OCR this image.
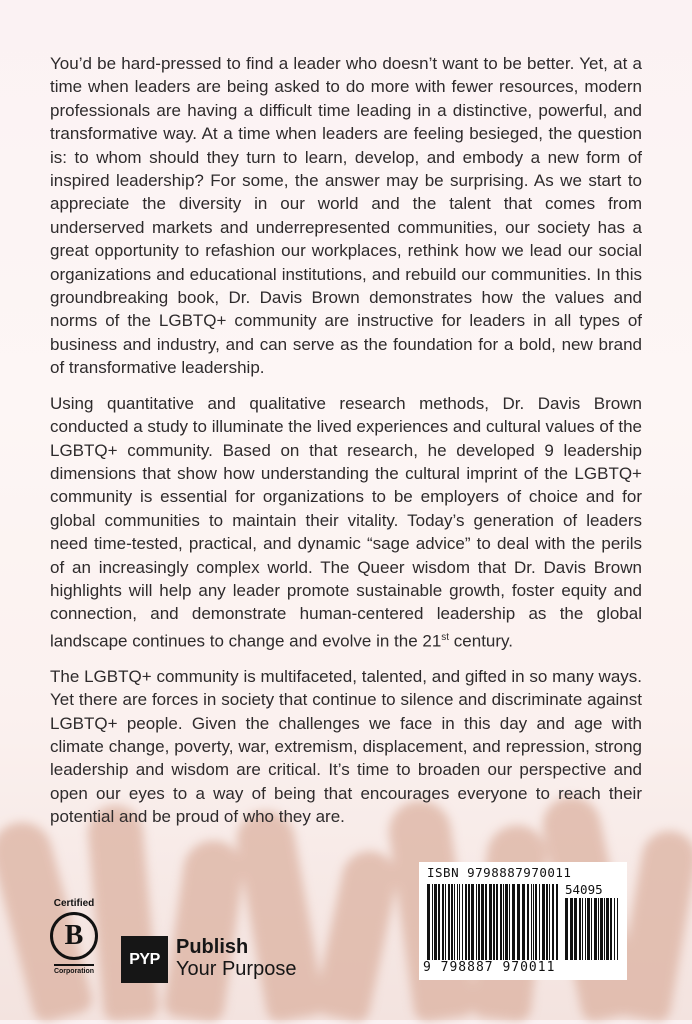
You’d be hard-pressed to find a leader who doesn’t want to be better. Yet, at a time when leaders are being asked to do more with fewer resources, modern professionals are having a difficult time leading in a distinctive, powerful, and transformative way. At a time when leaders are feeling besieged, the question is: to whom should they turn to learn, develop, and embody a new form of inspired leadership? For some, the answer may be surprising. As we start to appreciate the diversity in our world and the talent that comes from underserved markets and underrepresented communities, our society has a great opportunity to refashion our workplaces, rethink how we lead our social organizations and educational institutions, and rebuild our communities. In this groundbreaking book, Dr. Davis Brown demonstrates how the values and norms of the LGBTQ+ community are instructive for leaders in all types of business and industry, and can serve as the foundation for a bold, new brand of transformative leadership.

Using quantitative and qualitative research methods, Dr. Davis Brown conducted a study to illuminate the lived experiences and cultural values of the LGBTQ+ community. Based on that research, he developed 9 leadership dimensions that show how understanding the cultural imprint of the LGBTQ+ community is essential for organizations to be employers of choice and for global communities to maintain their vitality. Today’s generation of leaders need time-tested, practical, and dynamic “sage advice” to deal with the perils of an increasingly complex world. The Queer wisdom that Dr. Davis Brown highlights will help any leader promote sustainable growth, foster equity and connection, and demonstrate human-centered leadership as the global landscape continues to change and evolve in the 21st century.

The LGBTQ+ community is multifaceted, talented, and gifted in so many ways. Yet there are forces in society that continue to silence and discriminate against LGBTQ+ people. Given the challenges we face in this day and age with climate change, poverty, war, extremism, displacement, and repression, strong leadership and wisdom are critical. It’s time to broaden our perspective and open our eyes to a way of being that encourages everyone to reach their potential and be proud of who they are.

Certified
B
Corporation
PYP
Publish
Your Purpose
ISBN 9798887970011
54095
9 798887 970011
